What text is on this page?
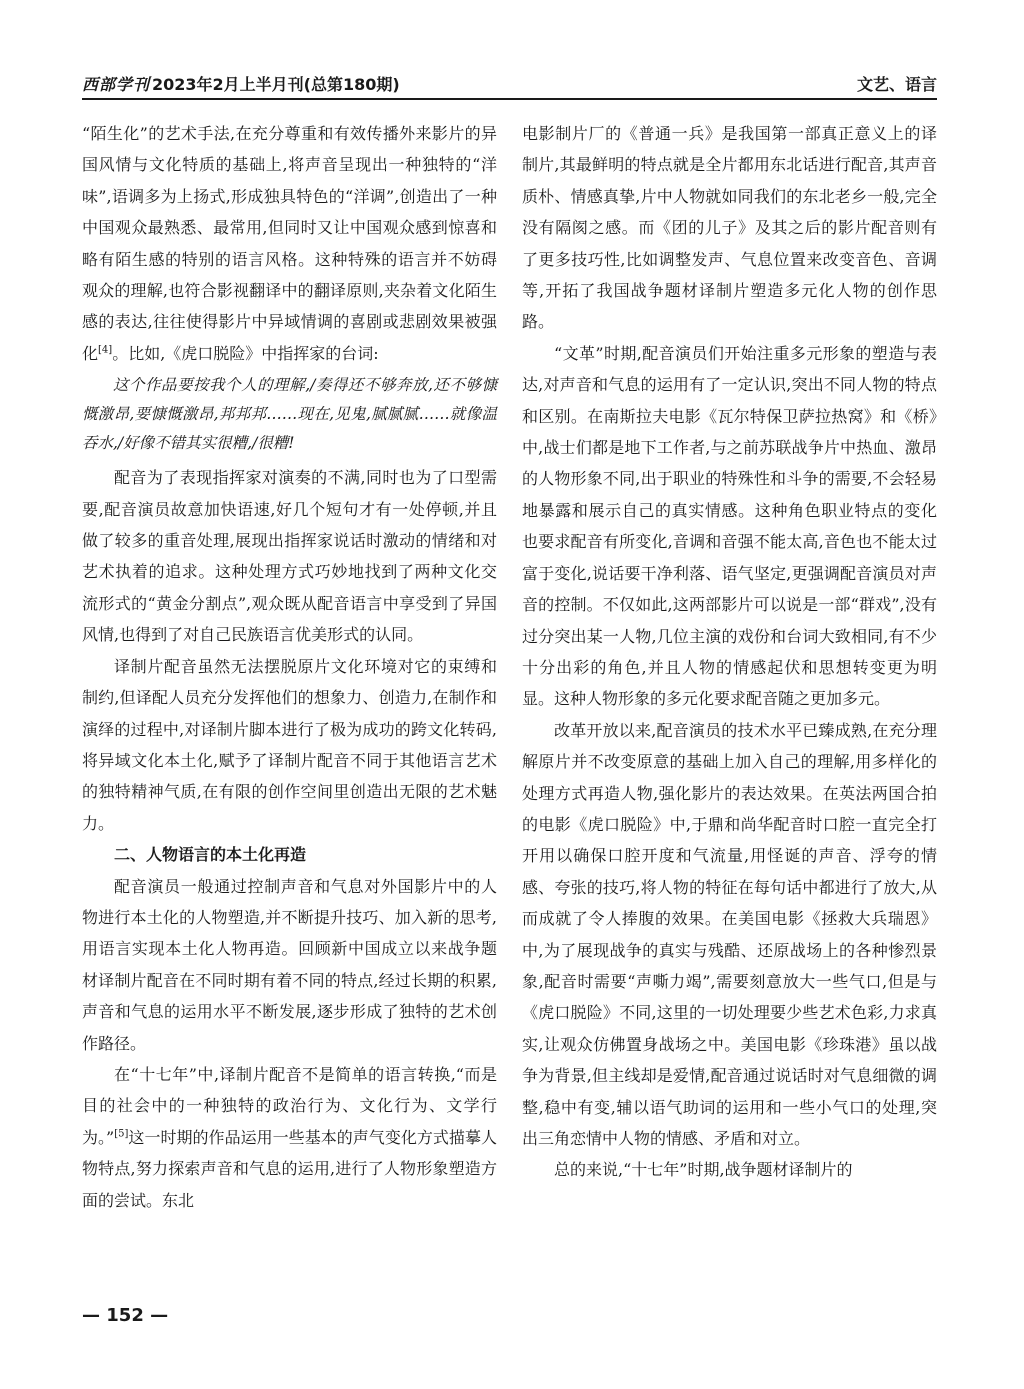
西部学刊 2023年2月上半月刊(总第180期)	文艺、语言

“陌生化”的艺术手法,在充分尊重和有效传播外来影片的异国风情与文化特质的基础上,将声音呈现出一种独特的“洋味”,语调多为上扬式,形成独具特色的“洋调”,创造出了一种中国观众最熟悉、最常用,但同时又让中国观众感到惊喜和略有陌生感的特别的语言风格。这种特殊的语言并不妨碍观众的理解,也符合影视翻译中的翻译原则,夹杂着文化陌生感的表达,往往使得影片中异域情调的喜剧或悲剧效果被强化[4]。比如,《虎口脱险》中指挥家的台词:

这个作品要按我个人的理解,/奏得还不够奔放,还不够慷慨激昂,要慷慨激昂,邦邦邦……现在,见鬼,腻腻腻……就像温吞水,/好像不错其实很糟,/很糟!

配音为了表现指挥家对演奏的不满,同时也为了口型需要,配音演员故意加快语速,好几个短句才有一处停顿,并且做了较多的重音处理,展现出指挥家说话时激动的情绪和对艺术执着的追求。这种处理方式巧妙地找到了两种文化交流形式的“黄金分割点”,观众既从配音语言中享受到了异国风情,也得到了对自己民族语言优美形式的认同。

译制片配音虽然无法摆脱原片文化环境对它的束缚和制约,但译配人员充分发挥他们的想象力、创造力,在制作和演绎的过程中,对译制片脚本进行了极为成功的跨文化转码,将异域文化本土化,赋予了译制片配音不同于其他语言艺术的独特精神气质,在有限的创作空间里创造出无限的艺术魅力。

二、人物语言的本土化再造

配音演员一般通过控制声音和气息对外国影片中的人物进行本土化的人物塑造,并不断提升技巧、加入新的思考,用语言实现本土化人物再造。回顾新中国成立以来战争题材译制片配音在不同时期有着不同的特点,经过长期的积累,声音和气息的运用水平不断发展,逐步形成了独特的艺术创作路径。

在“十七年”中,译制片配音不是简单的语言转换,“而是目的社会中的一种独特的政治行为、文化行为、文学行为。”[5]这一时期的作品运用一些基本的声气变化方式描摹人物特点,努力探索声音和气息的运用,进行了人物形象塑造方面的尝试。东北

电影制片厂的《普通一兵》是我国第一部真正意义上的译制片,其最鲜明的特点就是全片都用东北话进行配音,其声音质朴、情感真挚,片中人物就如同我们的东北老乡一般,完全没有隔阂之感。而《团的儿子》及其之后的影片配音则有了更多技巧性,比如调整发声、气息位置来改变音色、音调等,开拓了我国战争题材译制片塑造多元化人物的创作思路。

“文革”时期,配音演员们开始注重多元形象的塑造与表达,对声音和气息的运用有了一定认识,突出不同人物的特点和区别。在南斯拉夫电影《瓦尔特保卫萨拉热窝》和《桥》中,战士们都是地下工作者,与之前苏联战争片中热血、激昂的人物形象不同,出于职业的特殊性和斗争的需要,不会轻易地暴露和展示自己的真实情感。这种角色职业特点的变化也要求配音有所变化,音调和音强不能太高,音色也不能太过富于变化,说话要干净利落、语气坚定,更强调配音演员对声音的控制。不仅如此,这两部影片可以说是一部“群戏”,没有过分突出某一人物,几位主演的戏份和台词大致相同,有不少十分出彩的角色,并且人物的情感起伏和思想转变更为明显。这种人物形象的多元化要求配音随之更加多元。

改革开放以来,配音演员的技术水平已臻成熟,在充分理解原片并不改变原意的基础上加入自己的理解,用多样化的处理方式再造人物,强化影片的表达效果。在英法两国合拍的电影《虎口脱险》中,于鼎和尚华配音时口腔一直完全打开用以确保口腔开度和气流量,用怪诞的声音、浮夸的情感、夸张的技巧,将人物的特征在每句话中都进行了放大,从而成就了令人捧腹的效果。在美国电影《拯救大兵瑞恩》中,为了展现战争的真实与残酷、还原战场上的各种惨烈景象,配音时需要“声嘶力竭”,需要刻意放大一些气口,但是与《虎口脱险》不同,这里的一切处理要少些艺术色彩,力求真实,让观众仿佛置身战场之中。美国电影《珍珠港》虽以战争为背景,但主线却是爱情,配音通过说话时对气息细微的调整,稳中有变,辅以语气助词的运用和一些小气口的处理,突出三角恋情中人物的情感、矛盾和对立。

总的来说,“十七年”时期,战争题材译制片的

— 152 —
